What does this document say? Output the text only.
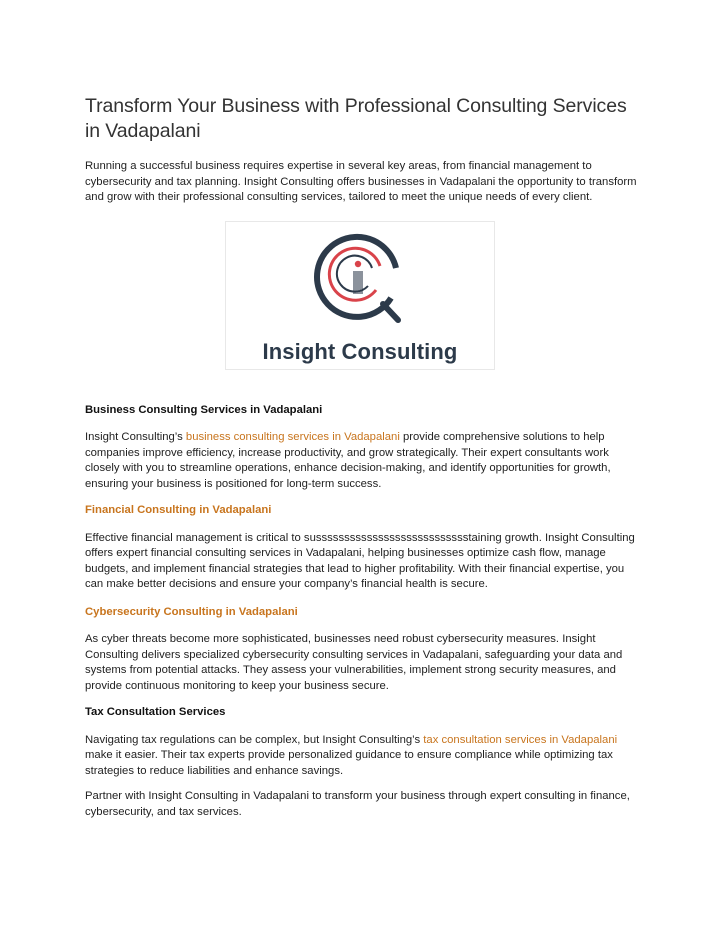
Transform Your Business with Professional Consulting Services in Vadapalani

Running a successful business requires expertise in several key areas, from financial management to cybersecurity and tax planning. Insight Consulting offers businesses in Vadapalani the opportunity to transform and grow with their professional consulting services, tailored to meet the unique needs of every client.

Insight Consulting
Business Consulting Services in Vadapalani

Insight Consulting’s business consulting services in Vadapalani provide comprehensive solutions to help companies improve efficiency, increase productivity, and grow strategically. Their expert consultants work closely with you to streamline operations, enhance decision-making, and identify opportunities for growth, ensuring your business is positioned for long-term success.

Financial Consulting in Vadapalani

Effective financial management is critical to sussssssssssssssssssssssssssstaining growth. Insight Consulting offers expert financial consulting services in Vadapalani, helping businesses optimize cash flow, manage budgets, and implement financial strategies that lead to higher profitability. With their financial expertise, you can make better decisions and ensure your company’s financial health is secure.

Cybersecurity Consulting in Vadapalani

As cyber threats become more sophisticated, businesses need robust cybersecurity measures. Insight Consulting delivers specialized cybersecurity consulting services in Vadapalani, safeguarding your data and systems from potential attacks. They assess your vulnerabilities, implement strong security measures, and provide continuous monitoring to keep your business secure.

Tax Consultation Services

Navigating tax regulations can be complex, but Insight Consulting’s tax consultation services in Vadapalani make it easier. Their tax experts provide personalized guidance to ensure compliance while optimizing tax strategies to reduce liabilities and enhance savings.

Partner with Insight Consulting in Vadapalani to transform your business through expert consulting in finance, cybersecurity, and tax services.
